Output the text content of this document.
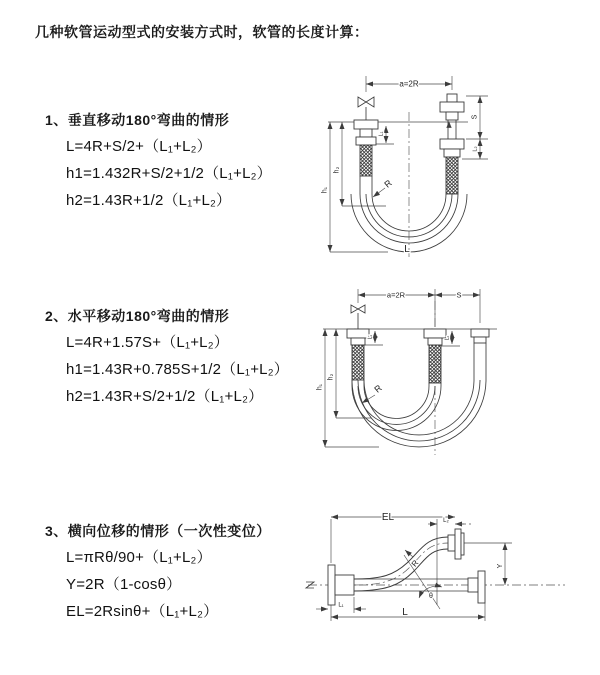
几种软管运动型式的安装方式时，软管的长度计算：
1、垂直移动180°弯曲的情形

L=4R+S/2+（L₁+L₂）

h1=1.432R+S/2+1/2（L₁+L₂）

h2=1.43R+1/2（L₁+L₂）

2、水平移动180°弯曲的情形

L=4R+1.57S+（L₁+L₂）

h1=1.43R+0.785S+1/2（L₁+L₂）

h2=1.43R+S/2+1/2（L₁+L₂）

3、横向位移的情形（一次性变位）

L=πRθ/90+（L₁+L₂）

Y=2R（1-cosθ）

EL=2Rsinθ+（L₁+L₂）

a=2R
h₁
h₂
L₁
S
L₂
R
L
a=2R	S
h₁
h₂
L₁	L₂
R
EL	L₂
R
θ
Y
L
L₁
